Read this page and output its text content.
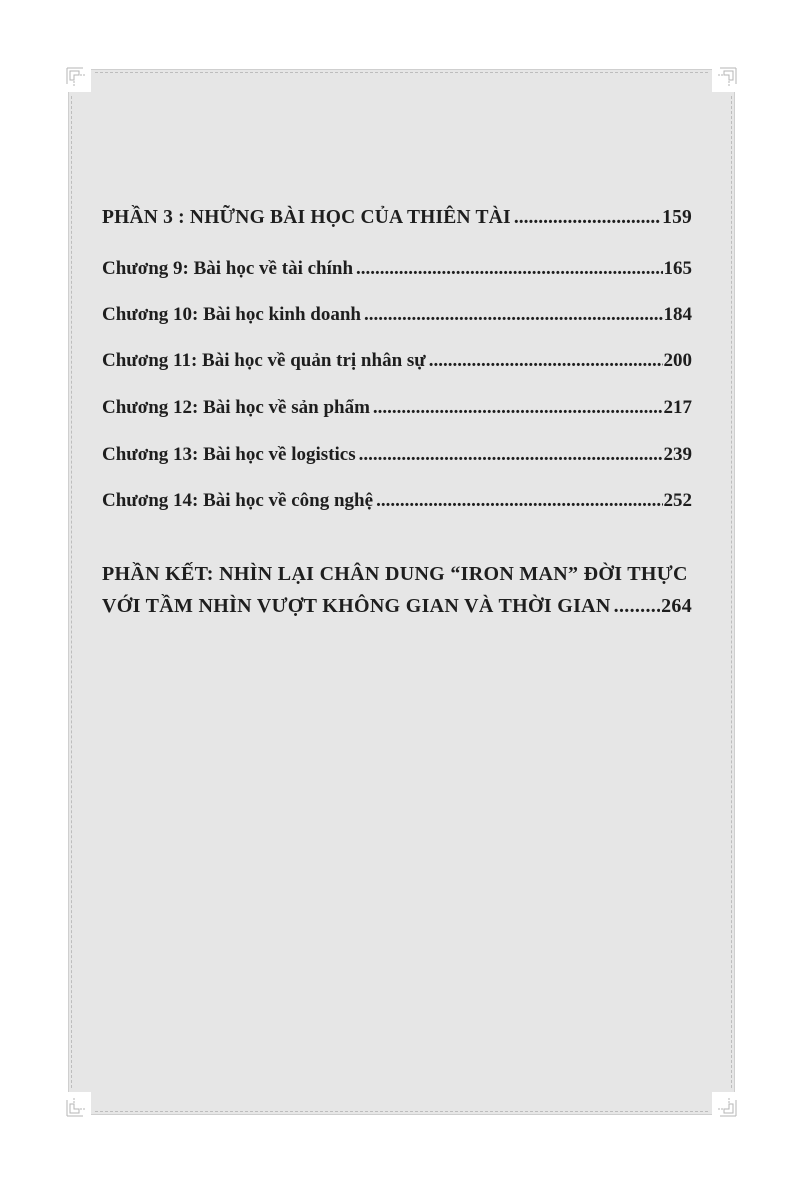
PHẦN 3 : NHỮNG BÀI HỌC CỦA THIÊN TÀI .....	159
Chương 9: Bài học về tài chính .....	165
Chương 10: Bài học kinh doanh .....	184
Chương 11: Bài học về quản trị nhân sự .....	200
Chương 12: Bài học về sản phẩm .....	217
Chương 13: Bài học về logistics .....	239
Chương 14: Bài học về công nghệ .....	252
PHẦN KẾT: NHÌN LẠI CHÂN DUNG “IRON MAN” ĐỜI THỰC
VỚI TẦM NHÌN VƯỢT KHÔNG GIAN VÀ THỜI GIAN .....	264
